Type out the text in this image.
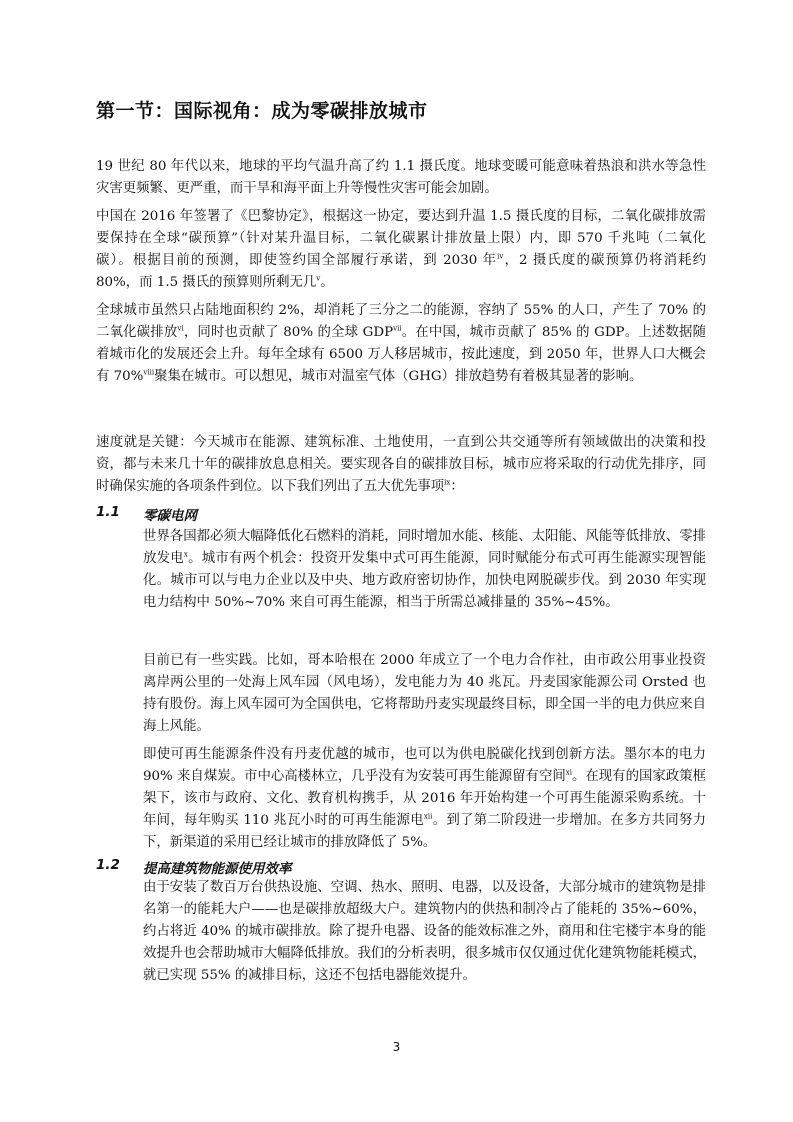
第一节：国际视角：成为零碳排放城市

19 世纪 80 年代以来，地球的平均气温升高了约 1.1 摄氏度。地球变暖可能意味着热浪和洪水等急性灾害更频繁、更严重，而干旱和海平面上升等慢性灾害可能会加剧。

中国在 2016 年签署了《巴黎协定》，根据这一协定，要达到升温 1.5 摄氏度的目标，二氧化碳排放需要保持在全球“碳预算”（针对某升温目标，二氧化碳累计排放量上限）内，即 570 千兆吨（二氧化碳）。根据目前的预测，即使签约国全部履行承诺，到 2030 年$^{iv}$，2 摄氏度的碳预算仍将消耗约 80%，而 1.5 摄氏的预算则所剩无几$^v$。

全球城市虽然只占陆地面积约 2%，却消耗了三分之二的能源，容纳了 55% 的人口，产生了 70% 的二氧化碳排放$^{vi}$，同时也贡献了 80% 的全球 GDP$^{vii}$。在中国，城市贡献了 85% 的 GDP。上述数据随着城市化的发展还会上升。每年全球有 6500 万人移居城市，按此速度，到 2050 年，世界人口大概会有 70%$^{viii}$聚集在城市。可以想见，城市对温室气体（GHG）排放趋势有着极其显著的影响。

速度就是关键：今天城市在能源、建筑标准、土地使用，一直到公共交通等所有领域做出的决策和投资，都与未来几十年的碳排放息息相关。要实现各自的碳排放目标，城市应将采取的行动优先排序，同时确保实施的各项条件到位。以下我们列出了五大优先事项$^{ix}$：

1.1 零碳电网

世界各国都必须大幅降低化石燃料的消耗，同时增加水能、核能、太阳能、风能等低排放、零排放发电$^x$。城市有两个机会：投资开发集中式可再生能源，同时赋能分布式可再生能源实现智能化。城市可以与电力企业以及中央、地方政府密切协作，加快电网脱碳步伐。到 2030 年实现电力结构中 50%~70% 来自可再生能源，相当于所需总减排量的 35%~45%。

目前已有一些实践。比如，哥本哈根在 2000 年成立了一个电力合作社，由市政公用事业投资离岸两公里的一处海上风车园（风电场），发电能力为 40 兆瓦。丹麦国家能源公司 Orsted 也持有股份。海上风车园可为全国供电，它将帮助丹麦实现最终目标，即全国一半的电力供应来自海上风能。

即使可再生能源条件没有丹麦优越的城市，也可以为供电脱碳化找到创新方法。墨尔本的电力 90% 来自煤炭。市中心高楼林立，几乎没有为安装可再生能源留有空间$^{xi}$。在现有的国家政策框架下，该市与政府、文化、教育机构携手，从 2016 年开始构建一个可再生能源采购系统。十年间，每年购买 110 兆瓦小时的可再生能源电$^{xii}$。到了第二阶段进一步增加。在多方共同努力下，新渠道的采用已经让城市的排放降低了 5%。

1.2 提高建筑物能源使用效率

由于安装了数百万台供热设施、空调、热水、照明、电器，以及设备，大部分城市的建筑物是排名第一的能耗大户——也是碳排放超级大户。建筑物内的供热和制冷占了能耗的 35%~60%，约占将近 40% 的城市碳排放。除了提升电器、设备的能效标准之外，商用和住宅楼宇本身的能效提升也会帮助城市大幅降低排放。我们的分析表明，很多城市仅仅通过优化建筑物能耗模式，就已实现 55% 的减排目标，这还不包括电器能效提升。

3
